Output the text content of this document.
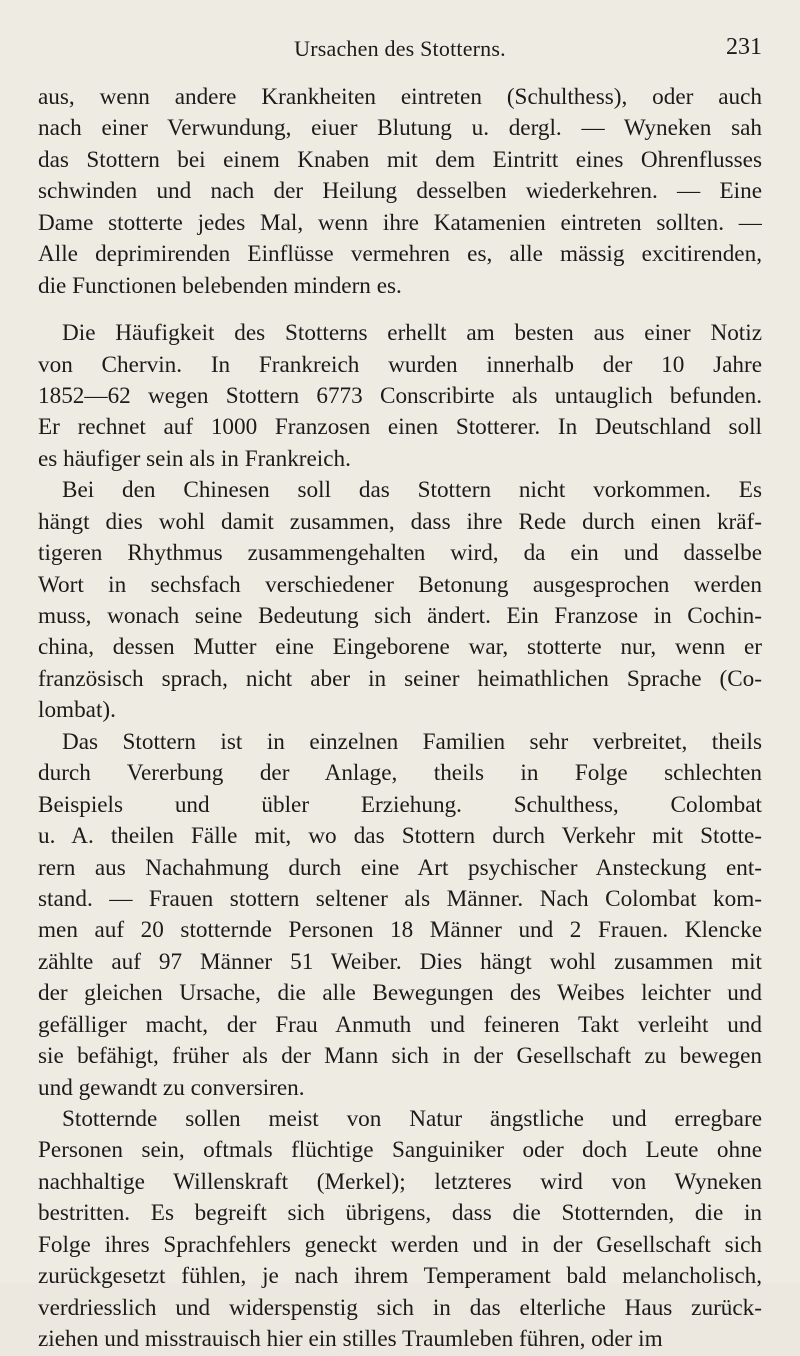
Ursachen des Stotterns.	231
aus, wenn andere Krankheiten eintreten (Schulthess), oder auch
nach einer Verwundung, eiuer Blutung u. dergl. — Wyneken sah
das Stottern bei einem Knaben mit dem Eintritt eines Ohrenflusses
schwinden und nach der Heilung desselben wiederkehren. — Eine
Dame stotterte jedes Mal, wenn ihre Katamenien eintreten sollten. —
Alle deprimirenden Einflüsse vermehren es, alle mässig excitirenden,
die Functionen belebenden mindern es.
Die Häufigkeit des Stotterns erhellt am besten aus einer Notiz
von Chervin. In Frankreich wurden innerhalb der 10 Jahre
1852—62 wegen Stottern 6773 Conscribirte als untauglich befunden.
Er rechnet auf 1000 Franzosen einen Stotterer. In Deutschland soll
es häufiger sein als in Frankreich.
Bei den Chinesen soll das Stottern nicht vorkommen. Es
hängt dies wohl damit zusammen, dass ihre Rede durch einen kräf-
tigeren Rhythmus zusammengehalten wird, da ein und dasselbe
Wort in sechsfach verschiedener Betonung ausgesprochen werden
muss, wonach seine Bedeutung sich ändert. Ein Franzose in Cochin-
china, dessen Mutter eine Eingeborene war, stotterte nur, wenn er
französisch sprach, nicht aber in seiner heimathlichen Sprache (Co-
lombat).
Das Stottern ist in einzelnen Familien sehr verbreitet, theils
durch Vererbung der Anlage, theils in Folge schlechten
Beispiels und übler Erziehung. Schulthess, Colombat
u. A. theilen Fälle mit, wo das Stottern durch Verkehr mit Stotte-
rern aus Nachahmung durch eine Art psychischer Ansteckung ent-
stand. — Frauen stottern seltener als Männer. Nach Colombat kom-
men auf 20 stotternde Personen 18 Männer und 2 Frauen. Klencke
zählte auf 97 Männer 51 Weiber. Dies hängt wohl zusammen mit
der gleichen Ursache, die alle Bewegungen des Weibes leichter und
gefälliger macht, der Frau Anmuth und feineren Takt verleiht und
sie befähigt, früher als der Mann sich in der Gesellschaft zu bewegen
und gewandt zu conversiren.
Stotternde sollen meist von Natur ängstliche und erregbare
Personen sein, oftmals flüchtige Sanguiniker oder doch Leute ohne
nachhaltige Willenskraft (Merkel); letzteres wird von Wyneken
bestritten. Es begreift sich übrigens, dass die Stotternden, die in
Folge ihres Sprachfehlers geneckt werden und in der Gesellschaft sich
zurückgesetzt fühlen, je nach ihrem Temperament bald melancholisch,
verdriesslich und widerspenstig sich in das elterliche Haus zurück-
ziehen und misstrauisch hier ein stilles Traumleben führen, oder im
